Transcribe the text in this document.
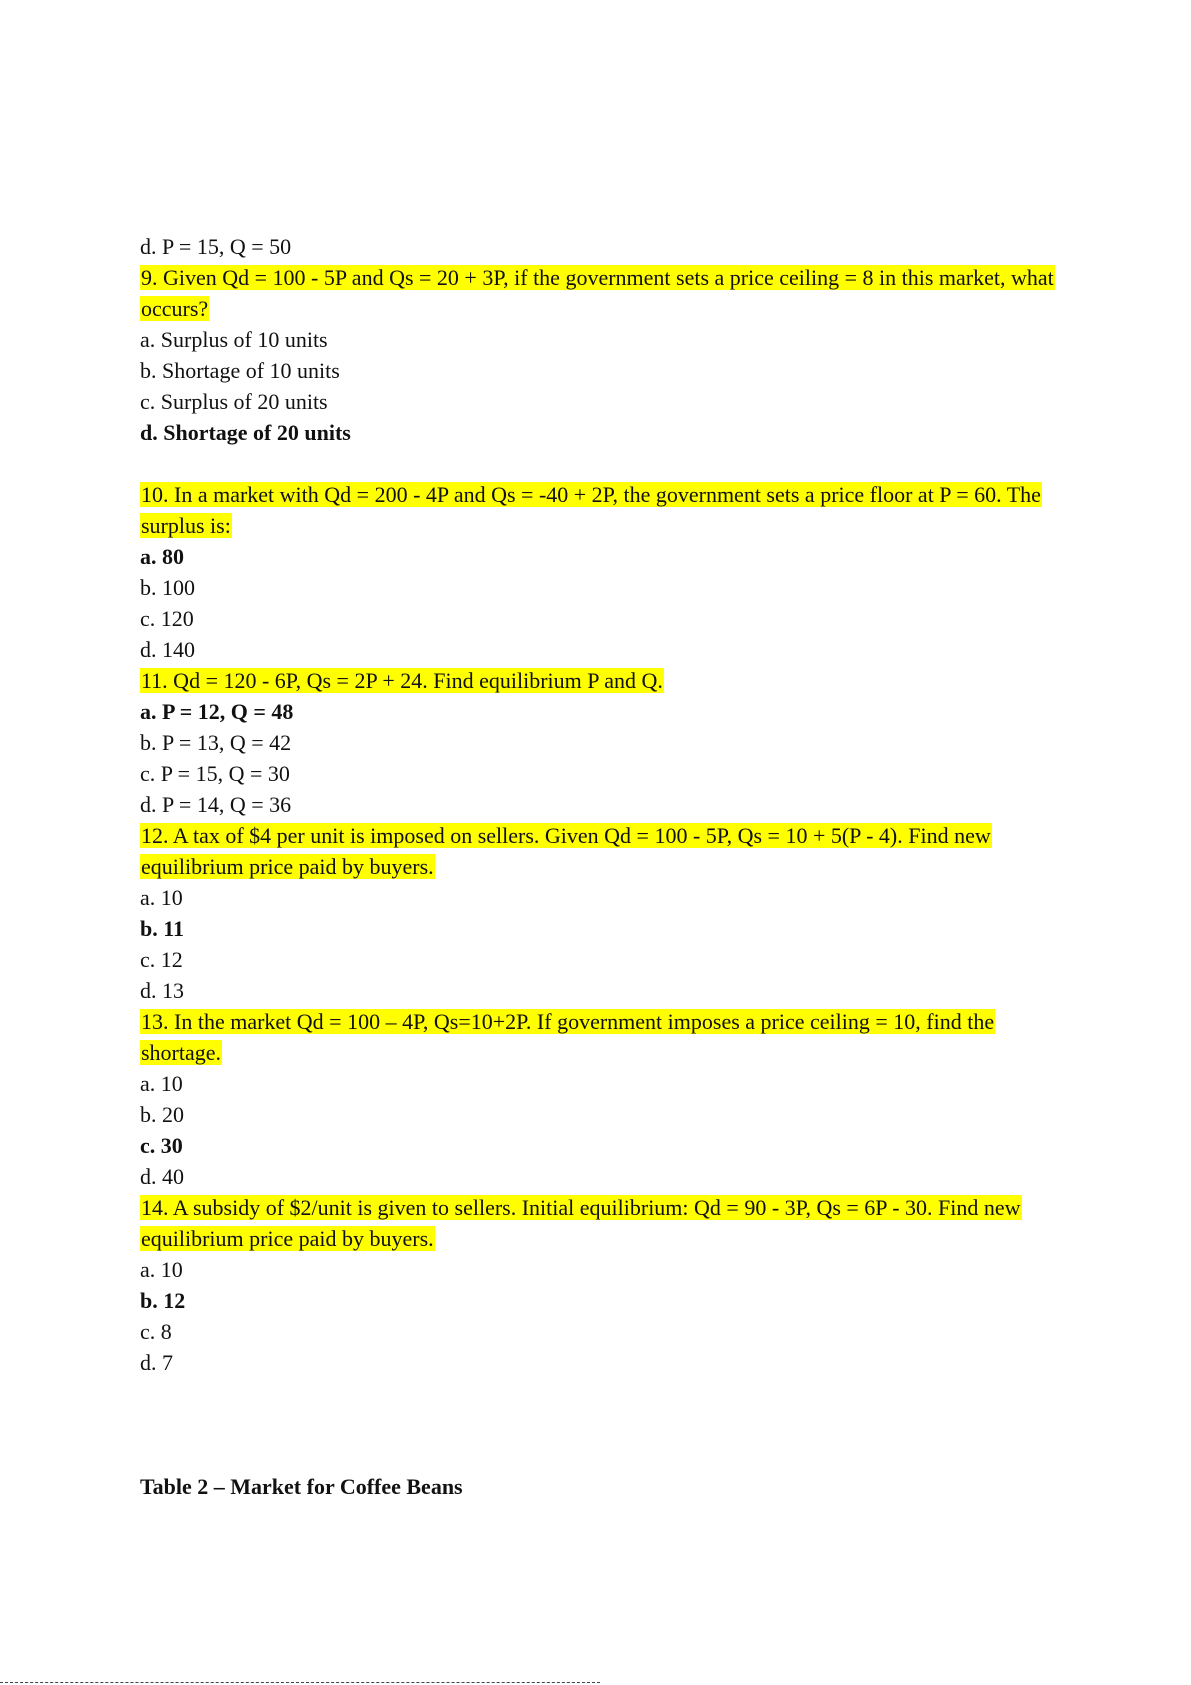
d. P = 15, Q = 50
9. Given Qd = 100 - 5P and Qs = 20 + 3P, if the government sets a price ceiling = 8 in this market, what occurs?
a. Surplus of 10 units
b. Shortage of 10 units
c. Surplus of 20 units
d. Shortage of 20 units
10. In a market with Qd = 200 - 4P and Qs = -40 + 2P, the government sets a price floor at P = 60. The surplus is:
a. 80
b. 100
c. 120
d. 140
11. Qd = 120 - 6P, Qs = 2P + 24. Find equilibrium P and Q.
a. P = 12, Q = 48
b. P = 13, Q = 42
c. P = 15, Q = 30
d. P = 14, Q = 36
12. A tax of $4 per unit is imposed on sellers. Given Qd = 100 - 5P, Qs = 10 + 5(P - 4). Find new equilibrium price paid by buyers.
a. 10
b. 11
c. 12
d. 13
13. In the market Qd = 100 – 4P, Qs=10+2P. If government imposes a price ceiling = 10, find the shortage.
a. 10
b. 20
c. 30
d. 40
14. A subsidy of $2/unit is given to sellers. Initial equilibrium: Qd = 90 - 3P, Qs = 6P - 30. Find new equilibrium price paid by buyers.
a. 10
b. 12
c. 8
d. 7
Table 2 – Market for Coffee Beans
